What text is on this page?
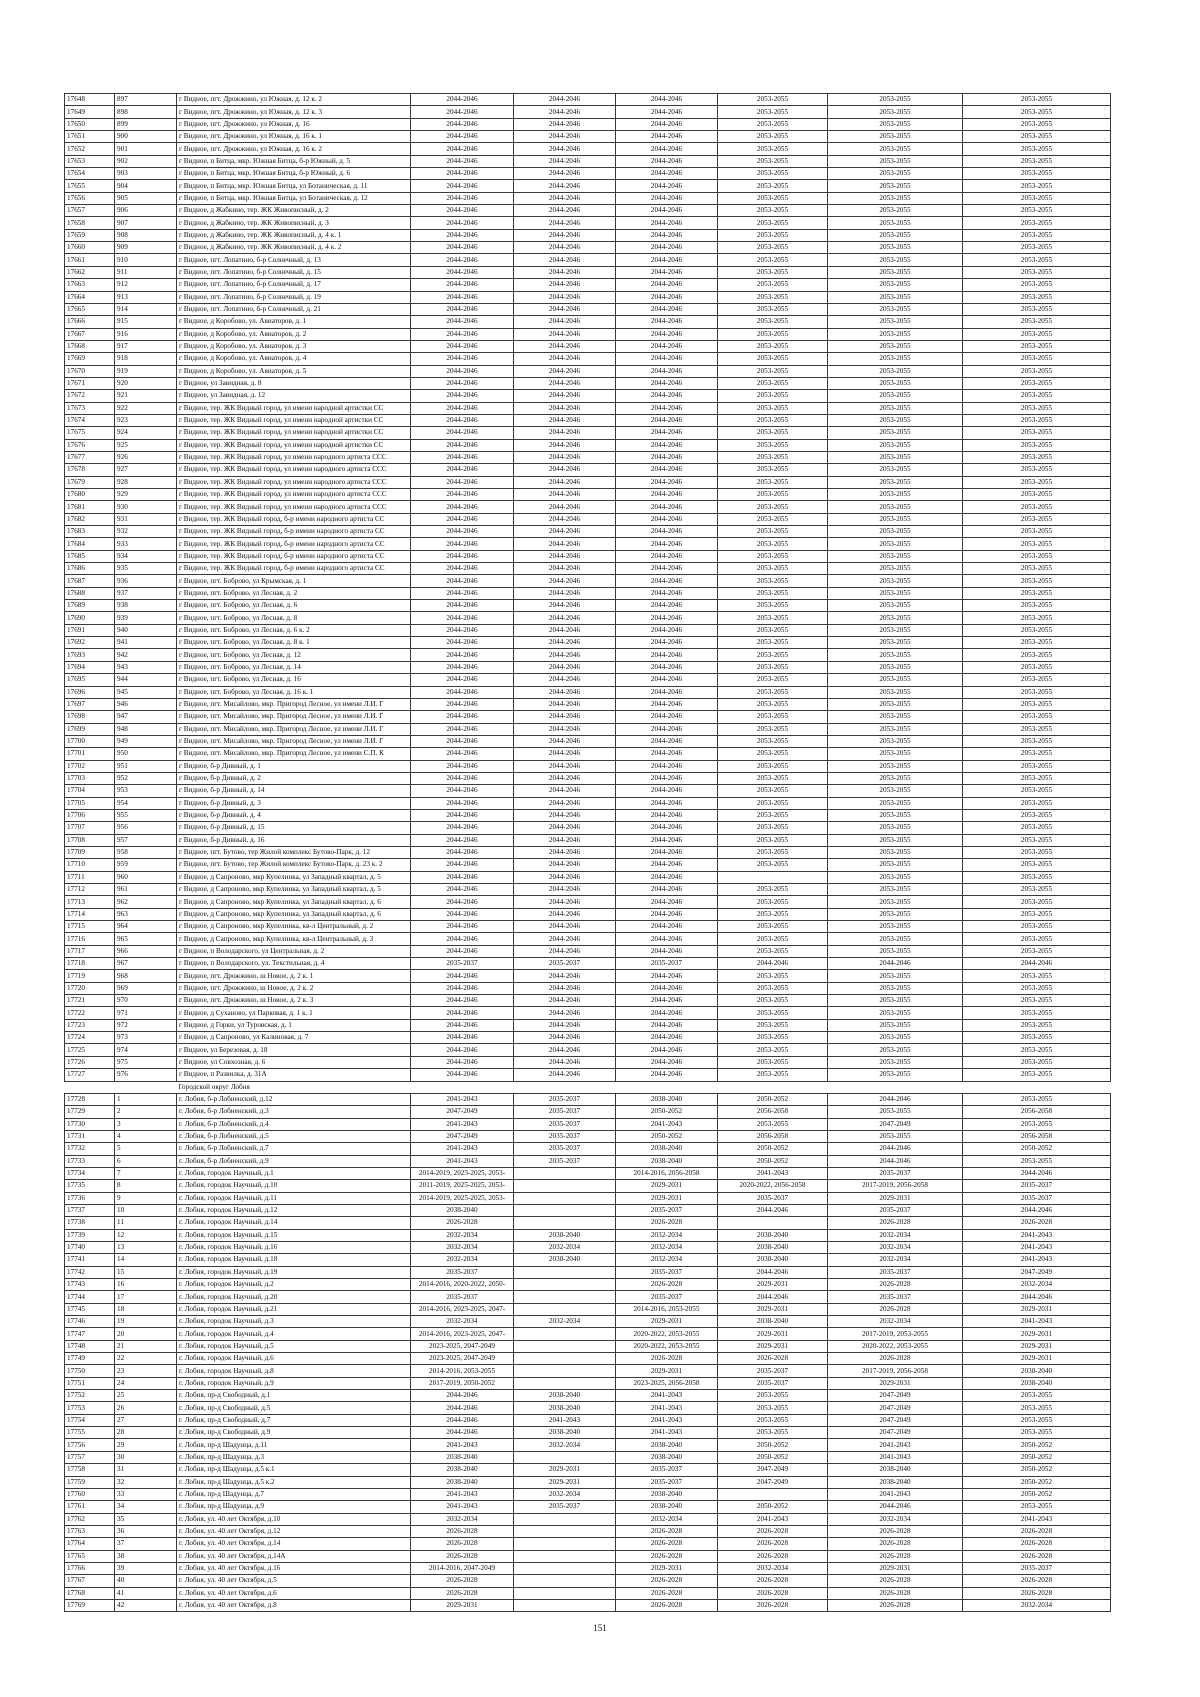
17648	897	г Видное, пгт. Дрожжино, ул Южная, д. 12 к. 2	2044-2046	2044-2046	2044-2046	2053-2055	2053-2055	2053-2055
17649	898	г Видное, пгт. Дрожжино, ул Южная, д. 12 к. 3	2044-2046	2044-2046	2044-2046	2053-2055	2053-2055	2053-2055
17650	899	г Видное, пгт. Дрожжино, ул Южная, д. 16	2044-2046	2044-2046	2044-2046	2053-2055	2053-2055	2053-2055
17651	900	г Видное, пгт. Дрожжино, ул Южная, д. 16 к. 1	2044-2046	2044-2046	2044-2046	2053-2055	2053-2055	2053-2055
17652	901	г Видное, пгт. Дрожжино, ул Южная, д. 16 к. 2	2044-2046	2044-2046	2044-2046	2053-2055	2053-2055	2053-2055
17653	902	г Видное, п Битца, мкр. Южная Битца, б-р Южный, д. 5	2044-2046	2044-2046	2044-2046	2053-2055	2053-2055	2053-2055
17654	903	г Видное, п Битца, мкр. Южная Битца, б-р Южный, д. 6	2044-2046	2044-2046	2044-2046	2053-2055	2053-2055	2053-2055
17655	904	г Видное, п Битца, мкр. Южная Битца, ул Ботаническая, д. 11	2044-2046	2044-2046	2044-2046	2053-2055	2053-2055	2053-2055
17656	905	г Видное, п Битца, мкр. Южная Битца, ул Ботаническая, д. 12	2044-2046	2044-2046	2044-2046	2053-2055	2053-2055	2053-2055
17657	906	г Видное, д Жабкино, тер. ЖК Живописный, д. 2	2044-2046	2044-2046	2044-2046	2053-2055	2053-2055	2053-2055
17658	907	г Видное, д Жабкино, тер. ЖК Живописный, д. 3	2044-2046	2044-2046	2044-2046	2053-2055	2053-2055	2053-2055
17659	908	г Видное, д Жабкино, тер. ЖК Живописный, д. 4 к. 1	2044-2046	2044-2046	2044-2046	2053-2055	2053-2055	2053-2055
17660	909	г Видное, д Жабкино, тер. ЖК Живописный, д. 4 к. 2	2044-2046	2044-2046	2044-2046	2053-2055	2053-2055	2053-2055
17661	910	г Видное, пгт. Лопатино, б-р Солнечный, д. 13	2044-2046	2044-2046	2044-2046	2053-2055	2053-2055	2053-2055
17662	911	г Видное, пгт. Лопатино, б-р Солнечный, д. 15	2044-2046	2044-2046	2044-2046	2053-2055	2053-2055	2053-2055
17663	912	г Видное, пгт. Лопатино, б-р Солнечный, д. 17	2044-2046	2044-2046	2044-2046	2053-2055	2053-2055	2053-2055
17664	913	г Видное, пгт. Лопатино, б-р Солнечный, д. 19	2044-2046	2044-2046	2044-2046	2053-2055	2053-2055	2053-2055
17665	914	г Видное, пгт. Лопатино, б-р Солнечный, д. 21	2044-2046	2044-2046	2044-2046	2053-2055	2053-2055	2053-2055
17666	915	г Видное, д Коробово, ул. Авиаторов, д. 1	2044-2046	2044-2046	2044-2046	2053-2055	2053-2055	2053-2055
17667	916	г Видное, д Коробово, ул. Авиаторов, д. 2	2044-2046	2044-2046	2044-2046	2053-2055	2053-2055	2053-2055
17668	917	г Видное, д Коробово, ул. Авиаторов, д. 3	2044-2046	2044-2046	2044-2046	2053-2055	2053-2055	2053-2055
17669	918	г Видное, д Коробово, ул. Авиаторов, д. 4	2044-2046	2044-2046	2044-2046	2053-2055	2053-2055	2053-2055
17670	919	г Видное, д Коробово, ул. Авиаторов, д. 5	2044-2046	2044-2046	2044-2046	2053-2055	2053-2055	2053-2055
17671	920	г Видное, ул Завидная, д. 8	2044-2046	2044-2046	2044-2046	2053-2055	2053-2055	2053-2055
17672	921	г Видное, ул Завидная, д. 12	2044-2046	2044-2046	2044-2046	2053-2055	2053-2055	2053-2055
17673	922	г Видное, тер. ЖК Видный город, ул имени народной артистки СС	2044-2046	2044-2046	2044-2046	2053-2055	2053-2055	2053-2055
17674	923	г Видное, тер. ЖК Видный город, ул имени народной артистки СС	2044-2046	2044-2046	2044-2046	2053-2055	2053-2055	2053-2055
17675	924	г Видное, тер. ЖК Видный город, ул имени народной артистки СС	2044-2046	2044-2046	2044-2046	2053-2055	2053-2055	2053-2055
17676	925	г Видное, тер. ЖК Видный город, ул имени народной артистки СС	2044-2046	2044-2046	2044-2046	2053-2055	2053-2055	2053-2055
17677	926	г Видное, тер. ЖК Видный город, ул имени народного артиста ССС	2044-2046	2044-2046	2044-2046	2053-2055	2053-2055	2053-2055
17678	927	г Видное, тер. ЖК Видный город, ул имени народного артиста ССС	2044-2046	2044-2046	2044-2046	2053-2055	2053-2055	2053-2055
17679	928	г Видное, тер. ЖК Видный город, ул имени народного артиста ССС	2044-2046	2044-2046	2044-2046	2053-2055	2053-2055	2053-2055
17680	929	г Видное, тер. ЖК Видный город, ул имени народного артиста ССС	2044-2046	2044-2046	2044-2046	2053-2055	2053-2055	2053-2055
17681	930	г Видное, тер. ЖК Видный город, ул имени народного артиста ССС	2044-2046	2044-2046	2044-2046	2053-2055	2053-2055	2053-2055
17682	931	г Видное, тер. ЖК Видный город, б-р имени народного артиста СС	2044-2046	2044-2046	2044-2046	2053-2055	2053-2055	2053-2055
17683	932	г Видное, тер. ЖК Видный город, б-р имени народного артиста СС	2044-2046	2044-2046	2044-2046	2053-2055	2053-2055	2053-2055
17684	933	г Видное, тер. ЖК Видный город, б-р имени народного артиста СС	2044-2046	2044-2046	2044-2046	2053-2055	2053-2055	2053-2055
17685	934	г Видное, тер. ЖК Видный город, б-р имени народного артиста СС	2044-2046	2044-2046	2044-2046	2053-2055	2053-2055	2053-2055
17686	935	г Видное, тер. ЖК Видный город, б-р имени народного артиста СС	2044-2046	2044-2046	2044-2046	2053-2055	2053-2055	2053-2055
17687	936	г Видное, пгт. Боброво, ул Крымская, д. 1	2044-2046	2044-2046	2044-2046	2053-2055	2053-2055	2053-2055
17688	937	г Видное, пгт. Боброво, ул Лесная, д. 2	2044-2046	2044-2046	2044-2046	2053-2055	2053-2055	2053-2055
17689	938	г Видное, пгт. Боброво, ул Лесная, д. 6	2044-2046	2044-2046	2044-2046	2053-2055	2053-2055	2053-2055
17690	939	г Видное, пгт. Боброво, ул Лесная, д. 8	2044-2046	2044-2046	2044-2046	2053-2055	2053-2055	2053-2055
17691	940	г Видное, пгт. Боброво, ул Лесная, д. 6 к. 2	2044-2046	2044-2046	2044-2046	2053-2055	2053-2055	2053-2055
17692	941	г Видное, пгт. Боброво, ул Лесная, д. 8 к. 1	2044-2046	2044-2046	2044-2046	2053-2055	2053-2055	2053-2055
17693	942	г Видное, пгт. Боброво, ул Лесная, д. 12	2044-2046	2044-2046	2044-2046	2053-2055	2053-2055	2053-2055
17694	943	г Видное, пгт. Боброво, ул Лесная, д. 14	2044-2046	2044-2046	2044-2046	2053-2055	2053-2055	2053-2055
17695	944	г Видное, пгт. Боброво, ул Лесная, д. 16	2044-2046	2044-2046	2044-2046	2053-2055	2053-2055	2053-2055
17696	945	г Видное, пгт. Боброво, ул Лесная, д. 16 к. 1	2044-2046	2044-2046	2044-2046	2053-2055	2053-2055	2053-2055
17697	946	г Видное, пгт. Мисайлово, мкр. Пригород Лесное, ул имени Л.И. Г	2044-2046	2044-2046	2044-2046	2053-2055	2053-2055	2053-2055
17698	947	г Видное, пгт. Мисайлово, мкр. Пригород Лесное, ул имени Л.И. Г	2044-2046	2044-2046	2044-2046	2053-2055	2053-2055	2053-2055
17699	948	г Видное, пгт. Мисайлово, мкр. Пригород Лесное, ул имени Л.И. Г	2044-2046	2044-2046	2044-2046	2053-2055	2053-2055	2053-2055
17700	949	г Видное, пгт. Мисайлово, мкр. Пригород Лесное, ул имени Л.И. Г	2044-2046	2044-2046	2044-2046	2053-2055	2053-2055	2053-2055
17701	950	г Видное, пгт. Мисайлово, мкр. Пригород Лесное, ул имени С.П. К	2044-2046	2044-2046	2044-2046	2053-2055	2053-2055	2053-2055
17702	951	г Видное, б-р Дивный, д. 1	2044-2046	2044-2046	2044-2046	2053-2055	2053-2055	2053-2055
17703	952	г Видное, б-р Дивный, д. 2	2044-2046	2044-2046	2044-2046	2053-2055	2053-2055	2053-2055
17704	953	г Видное, б-р Дивный, д. 14	2044-2046	2044-2046	2044-2046	2053-2055	2053-2055	2053-2055
17705	954	г Видное, б-р Дивный, д. 3	2044-2046	2044-2046	2044-2046	2053-2055	2053-2055	2053-2055
17706	955	г Видное, б-р Дивный, д. 4	2044-2046	2044-2046	2044-2046	2053-2055	2053-2055	2053-2055
17707	956	г Видное, б-р Дивный, д. 15	2044-2046	2044-2046	2044-2046	2053-2055	2053-2055	2053-2055
17708	957	г Видное, б-р Дивный, д. 16	2044-2046	2044-2046	2044-2046	2053-2055	2053-2055	2053-2055
17709	958	г Видное, пгт. Бутово, тер Жилой комплекс Бутово-Парк, д. 12	2044-2046	2044-2046	2044-2046	2053-2055	2053-2055	2053-2055
17710	959	г Видное, пгт. Бутово, тер Жилой комплекс Бутово-Парк, д. 23 к. 2	2044-2046	2044-2046	2044-2046	2053-2055	2053-2055	2053-2055
17711	960	г Видное, д Сапроново, мкр Купелинка, ул Западный квартал, д. 5	2044-2046	2044-2046	2044-2046		2053-2055	2053-2055
17712	961	г Видное, д Сапроново, мкр Купелинка, ул Западный квартал, д. 5	2044-2046	2044-2046	2044-2046	2053-2055	2053-2055	2053-2055
17713	962	г Видное, д Сапроново, мкр Купелинка, ул Западный квартал, д. 6	2044-2046	2044-2046	2044-2046	2053-2055	2053-2055	2053-2055
17714	963	г Видное, д Сапроново, мкр Купелинка, ул Западный квартал, д. 6	2044-2046	2044-2046	2044-2046	2053-2055	2053-2055	2053-2055
17715	964	г Видное, д Сапроново, мкр Купелинка, кв-л Центральный, д. 2	2044-2046	2044-2046	2044-2046	2053-2055	2053-2055	2053-2055
17716	965	г Видное, д Сапроново, мкр Купелинка, кв-л Центральный, д. 3	2044-2046	2044-2046	2044-2046	2053-2055	2053-2055	2053-2055
17717	966	г Видное, п Володарского, ул Центральная, д. 2	2044-2046	2044-2046	2044-2046	2053-2055	2053-2055	2053-2055
17718	967	г Видное, п Володарского, ул. Текстильная, д. 4	2035-2037	2035-2037	2035-2037	2044-2046	2044-2046	2044-2046
17719	968	г Видное, пгт. Дрожжино, ш Новое, д. 2 к. 1	2044-2046	2044-2046	2044-2046	2053-2055	2053-2055	2053-2055
17720	969	г Видное, пгт. Дрожжино, ш Новое, д. 2 к. 2	2044-2046	2044-2046	2044-2046	2053-2055	2053-2055	2053-2055
17721	970	г Видное, пгт. Дрожжино, ш Новое, д. 2 к. 3	2044-2046	2044-2046	2044-2046	2053-2055	2053-2055	2053-2055
17722	971	г Видное, д Суханово, ул Парковая, д. 1 к. 1	2044-2046	2044-2046	2044-2046	2053-2055	2053-2055	2053-2055
17723	972	г Видное, д Горки, ул Туровская, д. 1	2044-2046	2044-2046	2044-2046	2053-2055	2053-2055	2053-2055
17724	973	г Видное, д Сапроново, ул Калиновая, д. 7	2044-2046	2044-2046	2044-2046	2053-2055	2053-2055	2053-2055
17725	974	г Видное, ул Березовая, д. 18	2044-2046	2044-2046	2044-2046	2053-2055	2053-2055	2053-2055
17726	975	г Видное, ул Совхозная, д. 6	2044-2046	2044-2046	2044-2046	2053-2055	2053-2055	2053-2055
17727	976	г Видное, п Развилка, д. 31А	2044-2046	2044-2046	2044-2046	2053-2055	2053-2055	2053-2055
		Городской округ Лобня						
17728	1	г. Лобня, б-р Лобненский, д.12	2041-2043	2035-2037	2038-2040	2050-2052	2044-2046	2053-2055
17729	2	г. Лобня, б-р Лобненский, д.3	2047-2049	2035-2037	2050-2052	2056-2058	2053-2055	2056-2058
17730	3	г. Лобня, б-р Лобненский, д.4	2041-2043	2035-2037	2041-2043	2053-2055	2047-2049	2053-2055
17731	4	г. Лобня, б-р Лобненский, д.5	2047-2049	2035-2037	2050-2052	2056-2058	2053-2055	2056-2058
17732	5	г. Лобня, б-р Лобненский, д.7	2041-2043	2035-2037	2038-2040	2050-2052	2044-2046	2050-2052
17733	6	г. Лобня, б-р Лобненский, д.9	2041-2043	2035-2037	2038-2040	2050-2052	2044-2046	2053-2055
17734	7	г. Лобня, городок Научный, д.1	2014-2019, 2023-2025, 2053-		2014-2016, 2056-2058	2041-2043	2035-2037	2044-2046
17735	8	г. Лобня, городок Научный, д.10	2011-2019, 2025-2025, 2053-		2029-2031	2020-2022, 2056-2058	2017-2019, 2056-2058	2035-2037
17736	9	г. Лобня, городок Научный, д.11	2014-2019, 2025-2025, 2053-		2029-2031	2035-2037	2029-2031	2035-2037
17737	10	г. Лобня, городок Научный, д.12	2038-2040		2035-2037	2044-2046	2035-2037	2044-2046
17738	11	г. Лобня, городок Научный, д.14	2026-2028		2026-2028		2026-2028	2026-2028
17739	12	г. Лобня, городок Научный, д.15	2032-2034	2038-2040	2032-2034	2038-2040	2032-2034	2041-2043
17740	13	г. Лобня, городок Научный, д.16	2032-2034	2032-2034	2032-2034	2038-2040	2032-2034	2041-2043
17741	14	г. Лобня, городок Научный, д.18	2032-2034	2038-2040	2032-2034	2038-2040	2032-2034	2041-2043
17742	15	г. Лобня, городок Научный, д.19	2035-2037		2035-2037	2044-2046	2035-2037	2047-2049
17743	16	г. Лобня, городок Научный, д.2	2014-2016, 2020-2022, 2050-		2026-2028	2029-2031	2026-2028	2032-2034
17744	17	г. Лобня, городок Научный, д.20	2035-2037		2035-2037	2044-2046	2035-2037	2044-2046
17745	18	г. Лобня, городок Научный, д.21	2014-2016, 2023-2025, 2047-		2014-2016, 2053-2055	2029-2031	2026-2028	2029-2031
17746	19	г. Лобня, городок Научный, д.3	2032-2034	2032-2034	2029-2031	2038-2040	2032-2034	2041-2043
17747	20	г. Лобня, городок Научный, д.4	2014-2016, 2023-2025, 2047-		2020-2022, 2053-2055	2029-2031	2017-2019, 2053-2055	2029-2031
17748	21	г. Лобня, городок Научный, д.5	2023-2025, 2047-2049		2020-2022, 2053-2055	2029-2031	2020-2022, 2053-2055	2029-2031
17749	22	г. Лобня, городок Научный, д.6	2023-2025, 2047-2049		2026-2028	2026-2028	2026-2028	2029-2031
17750	23	г. Лобня, городок Научный, д.8	2014-2016, 2053-2055		2029-2031	2035-2037	2017-2019, 2056-2058	2038-2040
17751	24	г. Лобня, городок Научный, д.9	2017-2019, 2050-2052		2023-2025, 2056-2058	2035-2037	2029-2031	2038-2040
17752	25	г. Лобня, пр-д Свободный, д.1	2044-2046	2038-2040	2041-2043	2053-2055	2047-2049	2053-2055
17753	26	г. Лобня, пр-д Свободный, д.5	2044-2046	2038-2040	2041-2043	2053-2055	2047-2049	2053-2055
17754	27	г. Лобня, пр-д Свободный, д.7	2044-2046	2041-2043	2041-2043	2053-2055	2047-2049	2053-2055
17755	28	г. Лобня, пр-д Свободный, д.9	2044-2046	2038-2040	2041-2043	2053-2055	2047-2049	2053-2055
17756	29	г. Лобня, пр-д Шадунца, д.11	2041-2043	2032-2034	2038-2040	2050-2052	2041-2043	2050-2052
17757	30	г. Лобня, пр-д Шадунца, д.3	2038-2040		2038-2040	2050-2052	2041-2043	2050-2052
17758	31	г. Лобня, пр-д Шадунца, д.5 к.1	2038-2040	2029-2031	2035-2037	2047-2049	2038-2040	2050-2052
17759	32	г. Лобня, пр-д Шадунца, д.5 к.2	2038-2040	2029-2031	2035-2037	2047-2049	2038-2040	2050-2052
17760	33	г. Лобня, пр-д Шадунца, д.7	2041-2043	2032-2034	2038-2040		2041-2043	2050-2052
17761	34	г. Лобня, пр-д Шадунца, д.9	2041-2043	2035-2037	2038-2040	2050-2052	2044-2046	2053-2055
17762	35	г. Лобня, ул. 40 лет Октября, д.10	2032-2034		2032-2034	2041-2043	2032-2034	2041-2043
17763	36	г. Лобня, ул. 40 лет Октября, д.12	2026-2028		2026-2028	2026-2028	2026-2028	2026-2028
17764	37	г. Лобня, ул. 40 лет Октября, д.14	2026-2028		2026-2028	2026-2028	2026-2028	2026-2028
17765	38	г. Лобня, ул. 40 лет Октября, д.14А	2026-2028		2026-2028	2026-2028	2026-2028	2026-2028
17766	39	г. Лобня, ул. 40 лет Октября, д.16	2014-2016, 2047-2049		2029-2031	2032-2034	2029-2031	2035-2037
17767	40	г. Лобня, ул. 40 лет Октября, д.5	2026-2028		2026-2028	2026-2028	2026-2028	2026-2028
17768	41	г. Лобня, ул. 40 лет Октября, д.6	2026-2028		2026-2028	2026-2028	2026-2028	2026-2028
17769	42	г. Лобня, ул. 40 лет Октября, д.8	2029-2031		2026-2028	2026-2028	2026-2028	2032-2034
151
